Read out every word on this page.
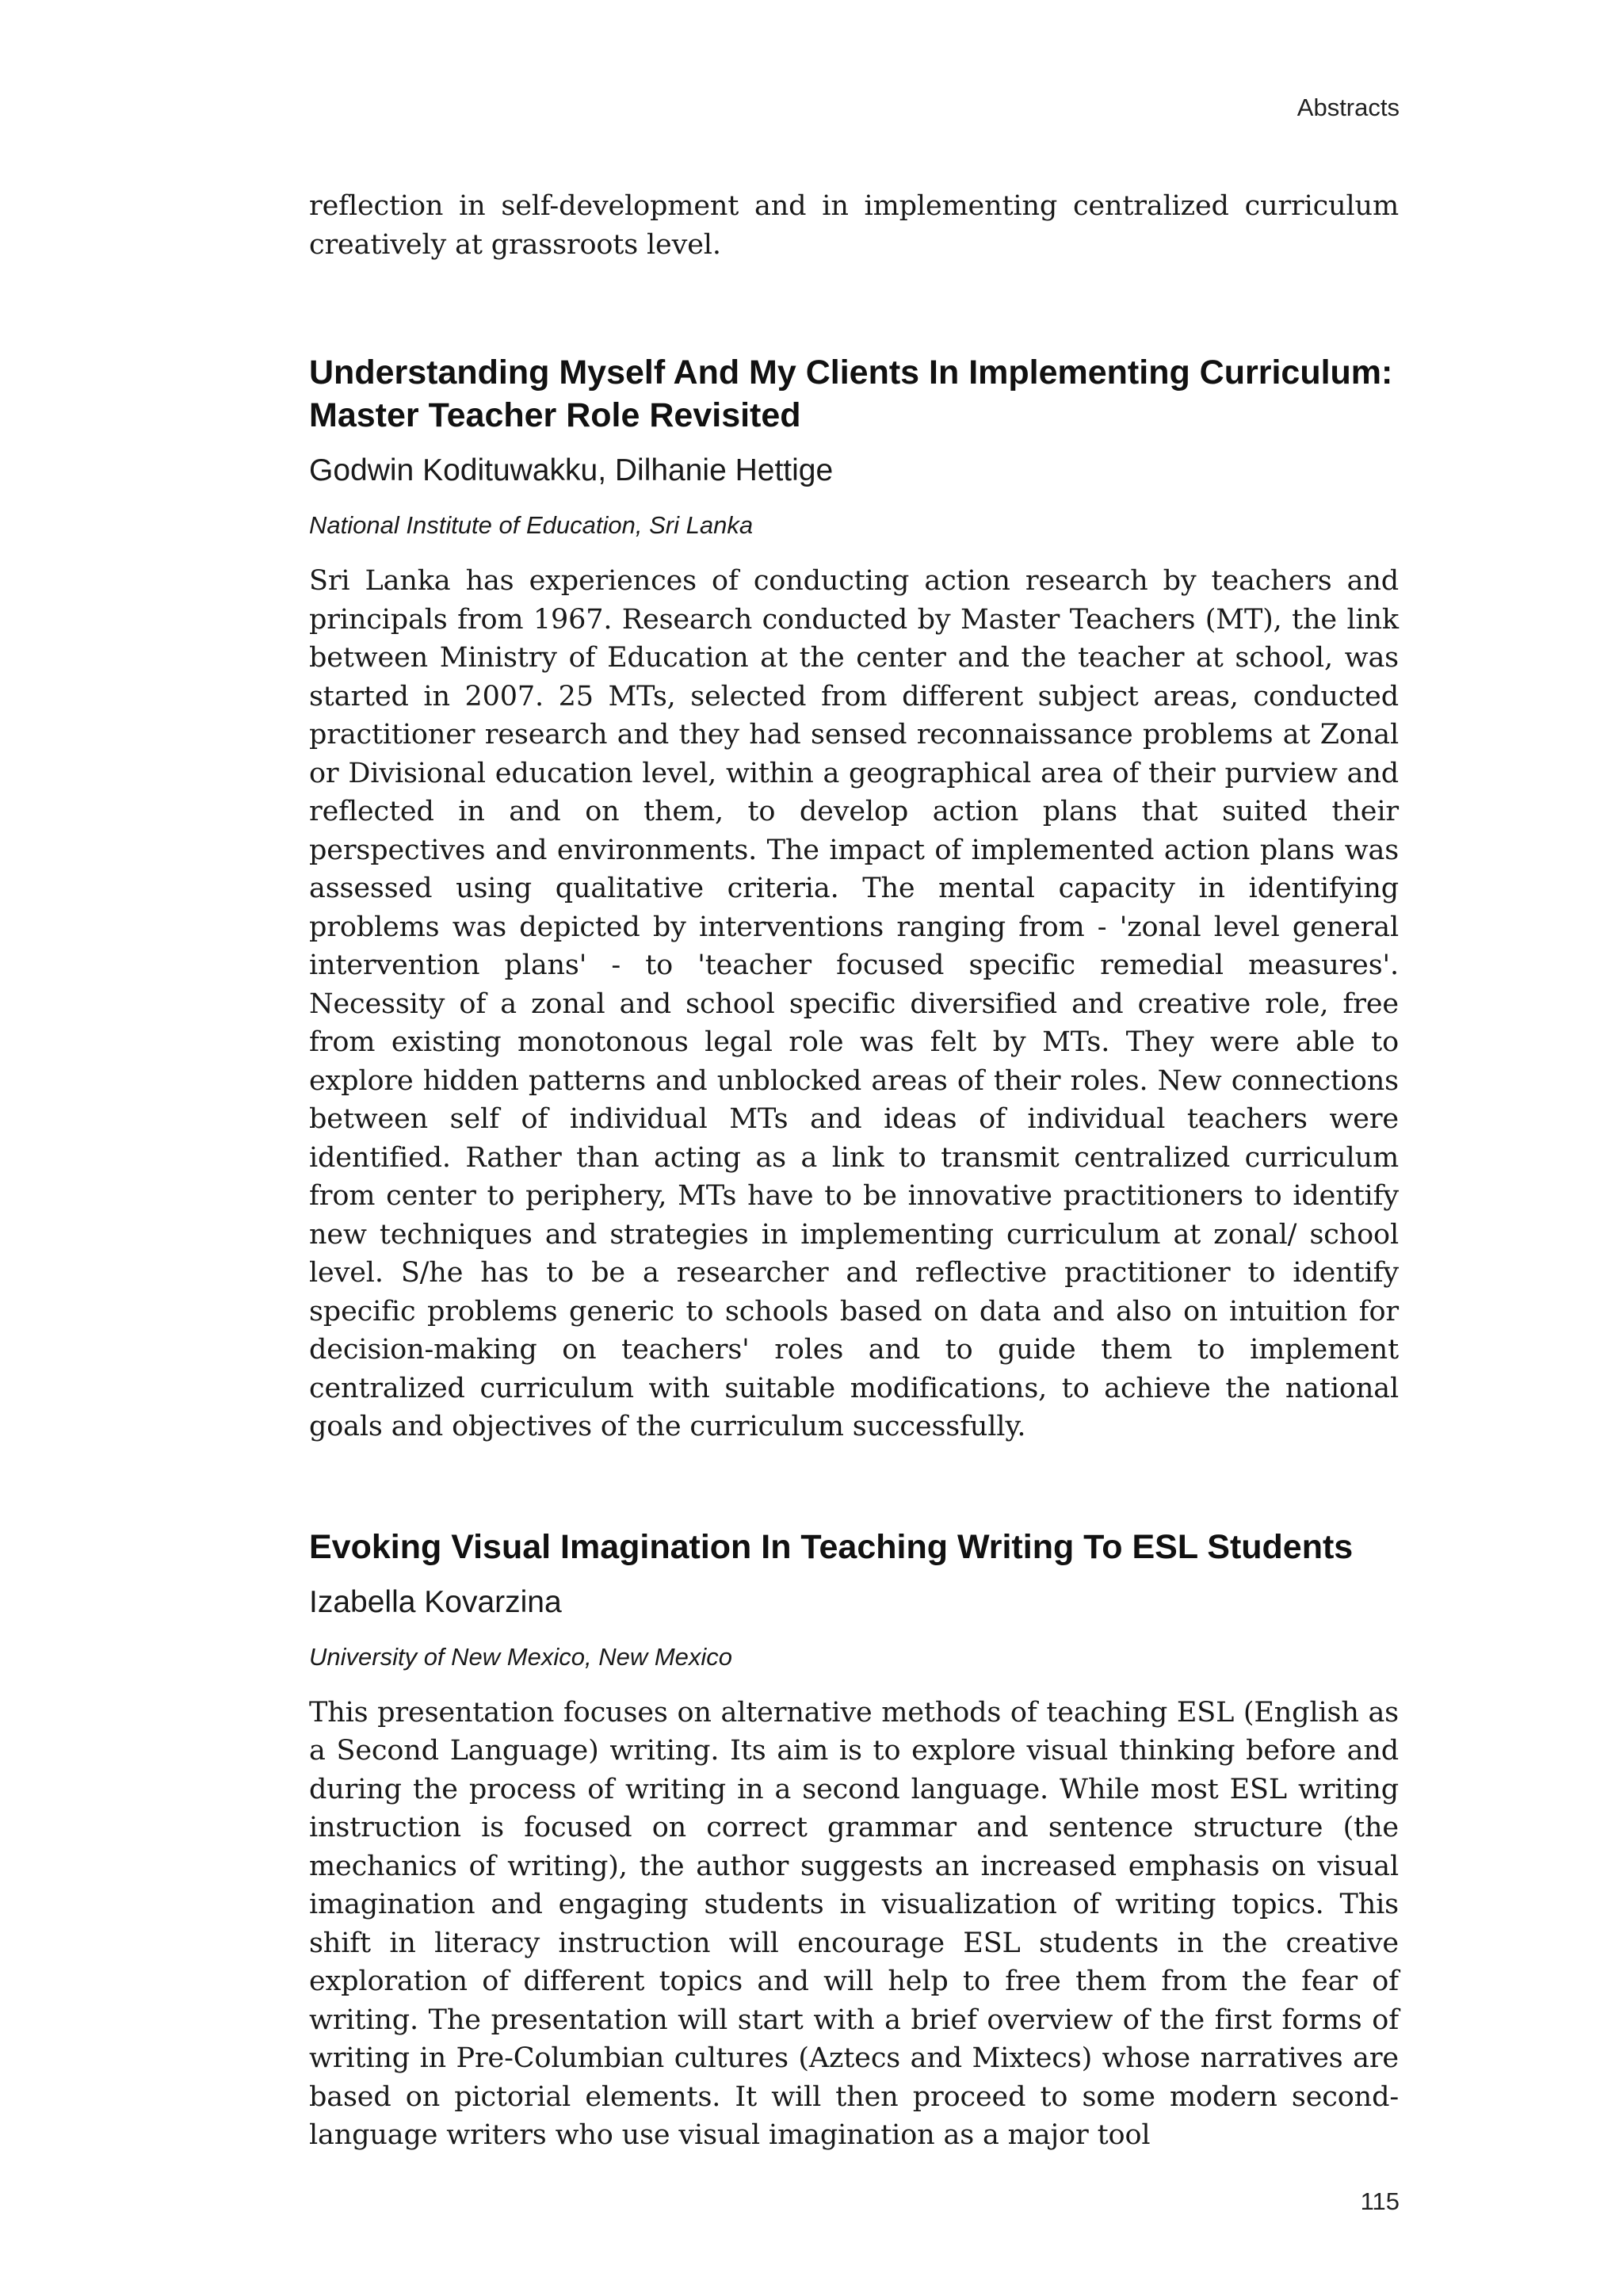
Abstracts

reflection in self-development and in implementing centralized curriculum creatively at grassroots level.

Understanding Myself And My Clients In Implementing Curriculum: Master Teacher Role Revisited
Godwin Kodituwakku, Dilhanie Hettige
National Institute of Education, Sri Lanka

Sri Lanka has experiences of conducting action research by teachers and principals from 1967. Research conducted by Master Teachers (MT), the link between Ministry of Education at the center and the teacher at school, was started in 2007. 25 MTs, selected from different subject areas, conducted practitioner research and they had sensed reconnaissance problems at Zonal or Divisional education level, within a geographical area of their purview and reflected in and on them, to develop action plans that suited their perspectives and environments. The impact of implemented action plans was assessed using qualitative criteria. The mental capacity in identifying problems was depicted by interventions ranging from - 'zonal level general intervention plans' - to 'teacher focused specific remedial measures'. Necessity of a zonal and school specific diversified and creative role, free from existing monotonous legal role was felt by MTs. They were able to explore hidden patterns and unblocked areas of their roles. New connections between self of individual MTs and ideas of individual teachers were identified. Rather than acting as a link to transmit centralized curriculum from center to periphery, MTs have to be innovative practitioners to identify new techniques and strategies in implementing curriculum at zonal/ school level. S/he has to be a researcher and reflective practitioner to identify specific problems generic to schools based on data and also on intuition for decision-making on teachers' roles and to guide them to implement centralized curriculum with suitable modifications, to achieve the national goals and objectives of the curriculum successfully.

Evoking Visual Imagination In Teaching Writing To ESL Students
Izabella Kovarzina
University of New Mexico, New Mexico

This presentation focuses on alternative methods of teaching ESL (English as a Second Language) writing. Its aim is to explore visual thinking before and during the process of writing in a second language. While most ESL writing instruction is focused on correct grammar and sentence structure (the mechanics of writing), the author suggests an increased emphasis on visual imagination and engaging students in visualization of writing topics. This shift in literacy instruction will encourage ESL students in the creative exploration of different topics and will help to free them from the fear of writing. The presentation will start with a brief overview of the first forms of writing in Pre-Columbian cultures (Aztecs and Mixtecs) whose narratives are based on pictorial elements. It will then proceed to some modern second-language writers who use visual imagination as a major tool

115
